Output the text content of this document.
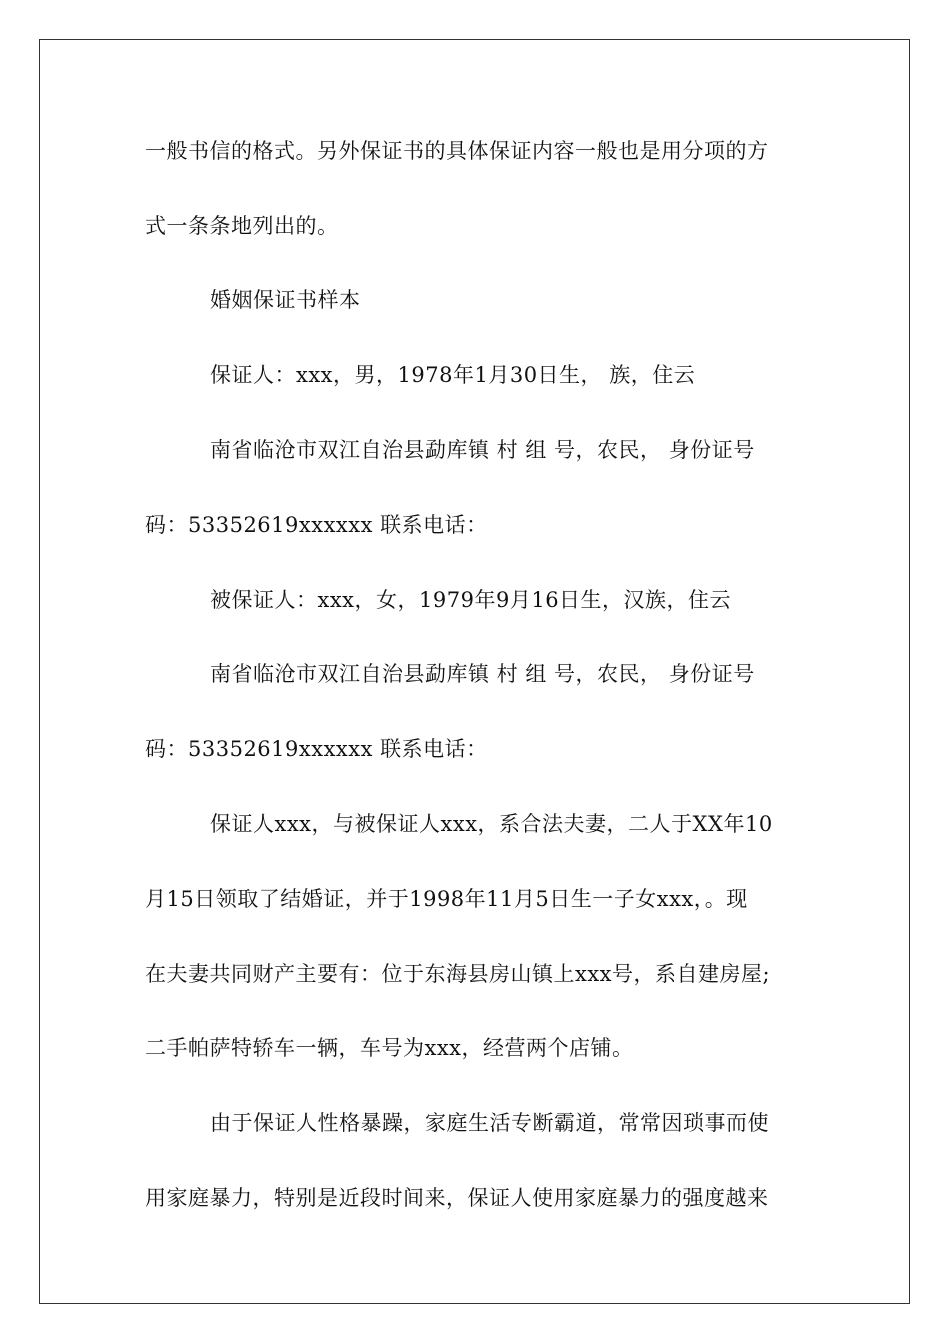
一般书信的格式。另外保证书的具体保证内容一般也是用分项的方
式一条条地列出的。
婚姻保证书样本
保证人：xxx，男，1978年1月30日生， 族，住云
南省临沧市双江自治县勐库镇 村 组 号，农民， 身份证号
码：53352619xxxxxx 联系电话：
被保证人：xxx，女，1979年9月16日生，汉族，住云
南省临沧市双江自治县勐库镇 村 组 号，农民， 身份证号
码：53352619xxxxxx 联系电话：
保证人xxx，与被保证人xxx，系合法夫妻，二人于XX年10
月15日领取了结婚证，并于1998年11月5日生一子女xxx，。现
在夫妻共同财产主要有：位于东海县房山镇上xxx号，系自建房屋;
二手帕萨特轿车一辆，车号为xxx，经营两个店铺。
由于保证人性格暴躁，家庭生活专断霸道，常常因琐事而使
用家庭暴力，特别是近段时间来，保证人使用家庭暴力的强度越来
